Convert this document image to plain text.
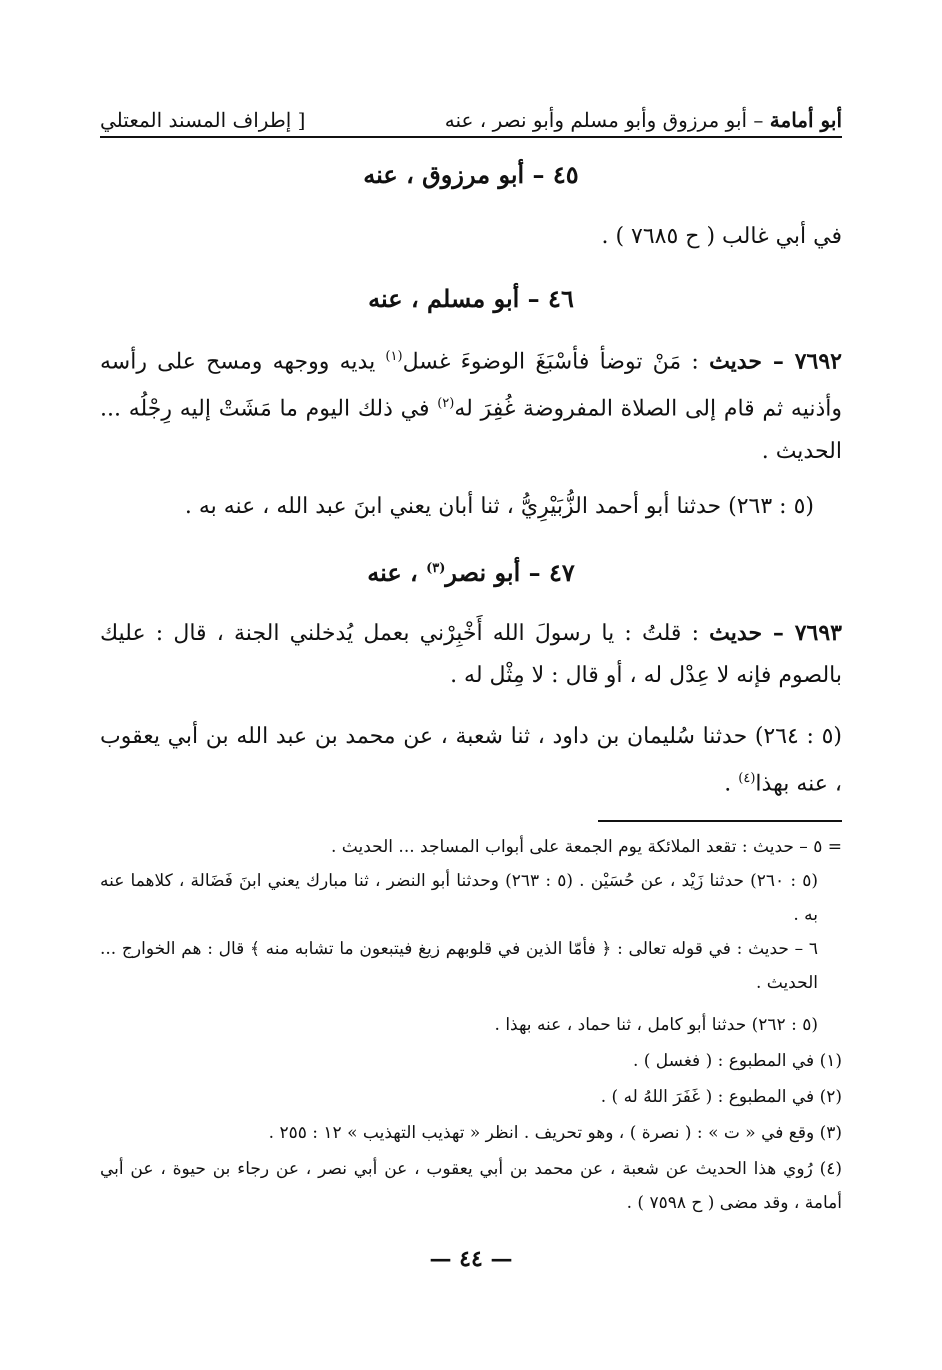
أبو أمامة – أبو مرزوق وأبو مسلم وأبو نصر ، عنه
[ إطراف المسند المعتلي
٤٥ – أبو مرزوق ، عنه
في أبي غالب ( ح ٧٦٨٥ ) .
٤٦ – أبو مسلم ، عنه
٧٦٩٢ – حديث : مَنْ توضأ فأسْبَغَ الوضوءَ غسل$^{(١)}$ يديه ووجهه ومسح على رأسه وأذنيه ثم قام إلى الصلاة المفروضة غُفِرَ له$^{(٢)}$ في ذلك اليوم ما مَشَتْ إليه رِجْلُه ... الحديث .
(٥ : ٢٦٣) حدثنا أبو أحمد الزُّبَيْرِيُّ ، ثنا أبان يعني ابنَ عبد الله ، عنه به .
٤٧ – أبو نصر$^{(٣)}$ ، عنه
٧٦٩٣ – حديث : قلتُ : يا رسولَ الله أَخْبِرْني بعمل يُدخلني الجنة ، قال : عليك بالصوم فإنه لا عِدْل له ، أو قال : لا مِثْل له .
(٥ : ٢٦٤) حدثنا سُليمان بن داود ، ثنا شعبة ، عن محمد بن عبد الله بن أبي يعقوب ، عنه بهذا$^{(٤)}$ .
= ٥ – حديث : تقعد الملائكة يوم الجمعة على أبواب المساجد ... الحديث .
(٥ : ٢٦٠) حدثنا زَيْد ، عن حُسَيْن . (٥ : ٢٦٣) وحدثنا أبو النضر ، ثنا مبارك يعني ابنَ فَضَالة ، كلاهما عنه به .
٦ – حديث : في قوله تعالى : ﴿ فأمّا الذين في قلوبهم زيغ فيتبعون ما تشابه منه ﴾ قال : هم الخوارج ... الحديث .
(٥ : ٢٦٢) حدثنا أبو كامل ، ثنا حماد ، عنه بهذا .
(١) في المطبوع : ( فغسل ) .
(٢) في المطبوع : ( غَفَرَ اللهُ له ) .
(٣) وقع في « ت » : ( نصرة ) ، وهو تحريف . انظر « تهذيب التهذيب » ١٢ : ٢٥٥ .
(٤) رُوي هذا الحديث عن شعبة ، عن محمد بن أبي يعقوب ، عن أبي نصر ، عن رجاء بن حيوة ، عن أبي أمامة ، وقد مضى ( ح ٧٥٩٨ ) .
— ٤٤ —
